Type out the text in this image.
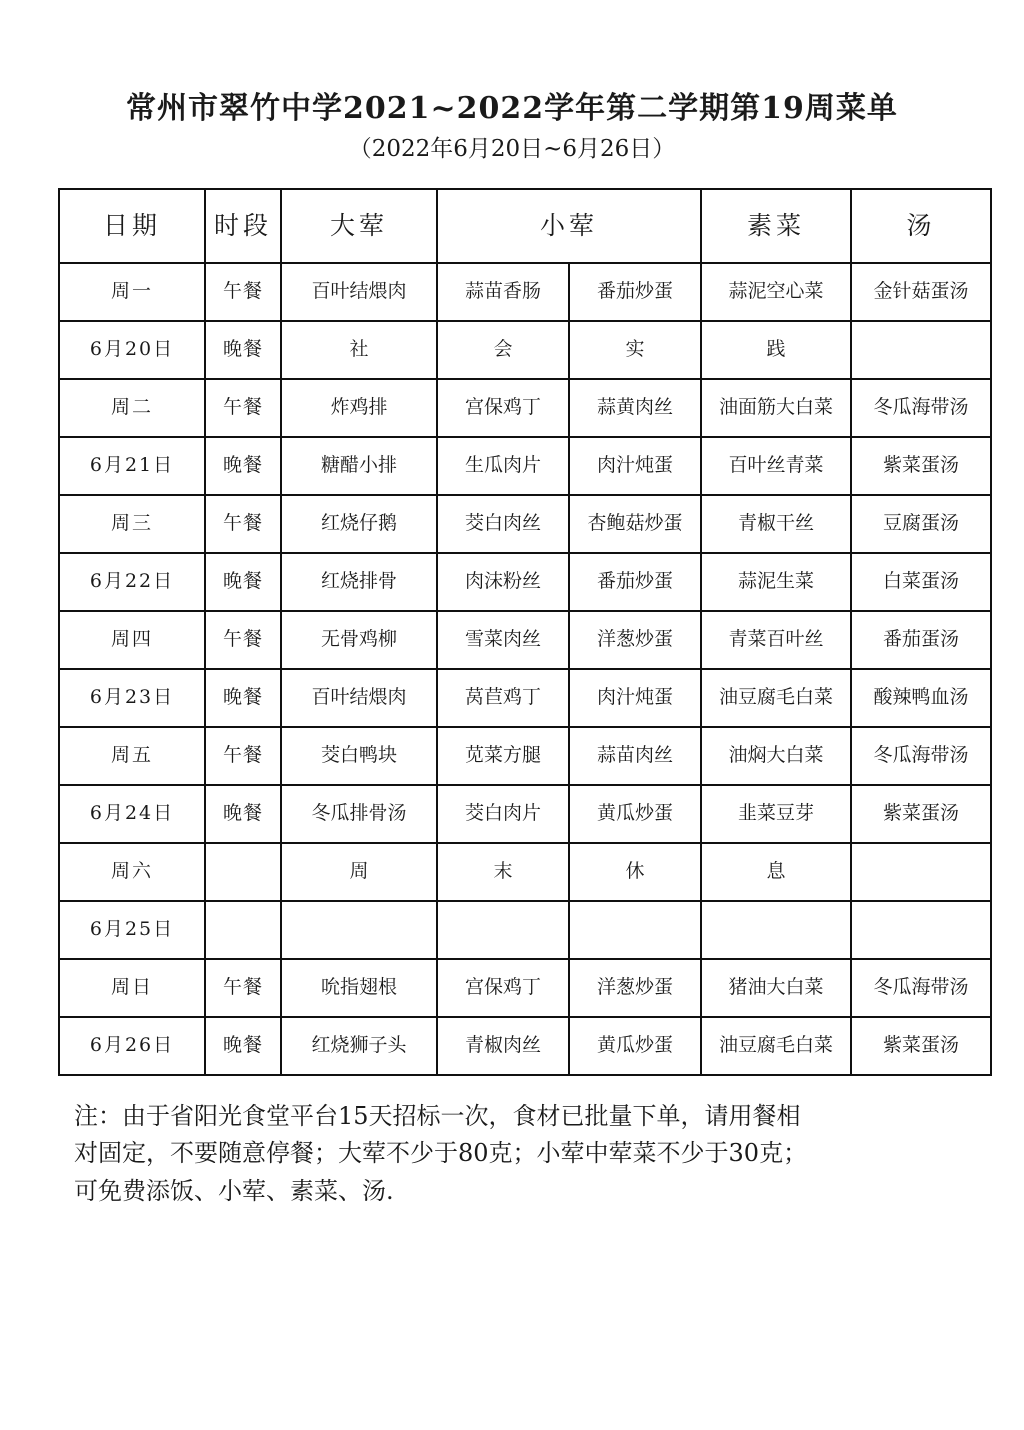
常州市翠竹中学2021~2022学年第二学期第19周菜单
（2022年6月20日~6月26日）
日期	时段	大荤	小荤		素菜	汤
周一	午餐	百叶结煨肉	蒜苗香肠	番茄炒蛋	蒜泥空心菜	金针菇蛋汤
6月20日	晚餐	社	会	实	践	
周二	午餐	炸鸡排	宫保鸡丁	蒜黄肉丝	油面筋大白菜	冬瓜海带汤
6月21日	晚餐	糖醋小排	生瓜肉片	肉汁炖蛋	百叶丝青菜	紫菜蛋汤
周三	午餐	红烧仔鹅	茭白肉丝	杏鲍菇炒蛋	青椒干丝	豆腐蛋汤
6月22日	晚餐	红烧排骨	肉沫粉丝	番茄炒蛋	蒜泥生菜	白菜蛋汤
周四	午餐	无骨鸡柳	雪菜肉丝	洋葱炒蛋	青菜百叶丝	番茄蛋汤
6月23日	晚餐	百叶结煨肉	莴苣鸡丁	肉汁炖蛋	油豆腐毛白菜	酸辣鸭血汤
周五	午餐	茭白鸭块	苋菜方腿	蒜苗肉丝	油焖大白菜	冬瓜海带汤
6月24日	晚餐	冬瓜排骨汤	茭白肉片	黄瓜炒蛋	韭菜豆芽	紫菜蛋汤
周六		周	末	休	息	
6月25日						
周日	午餐	吮指翅根	宫保鸡丁	洋葱炒蛋	猪油大白菜	冬瓜海带汤
6月26日	晚餐	红烧狮子头	青椒肉丝	黄瓜炒蛋	油豆腐毛白菜	紫菜蛋汤

注：由于省阳光食堂平台15天招标一次，食材已批量下单，请用餐相

对固定，不要随意停餐；大荤不少于80克；小荤中荤菜不少于30克；

可免费添饭、小荤、素菜、汤.
